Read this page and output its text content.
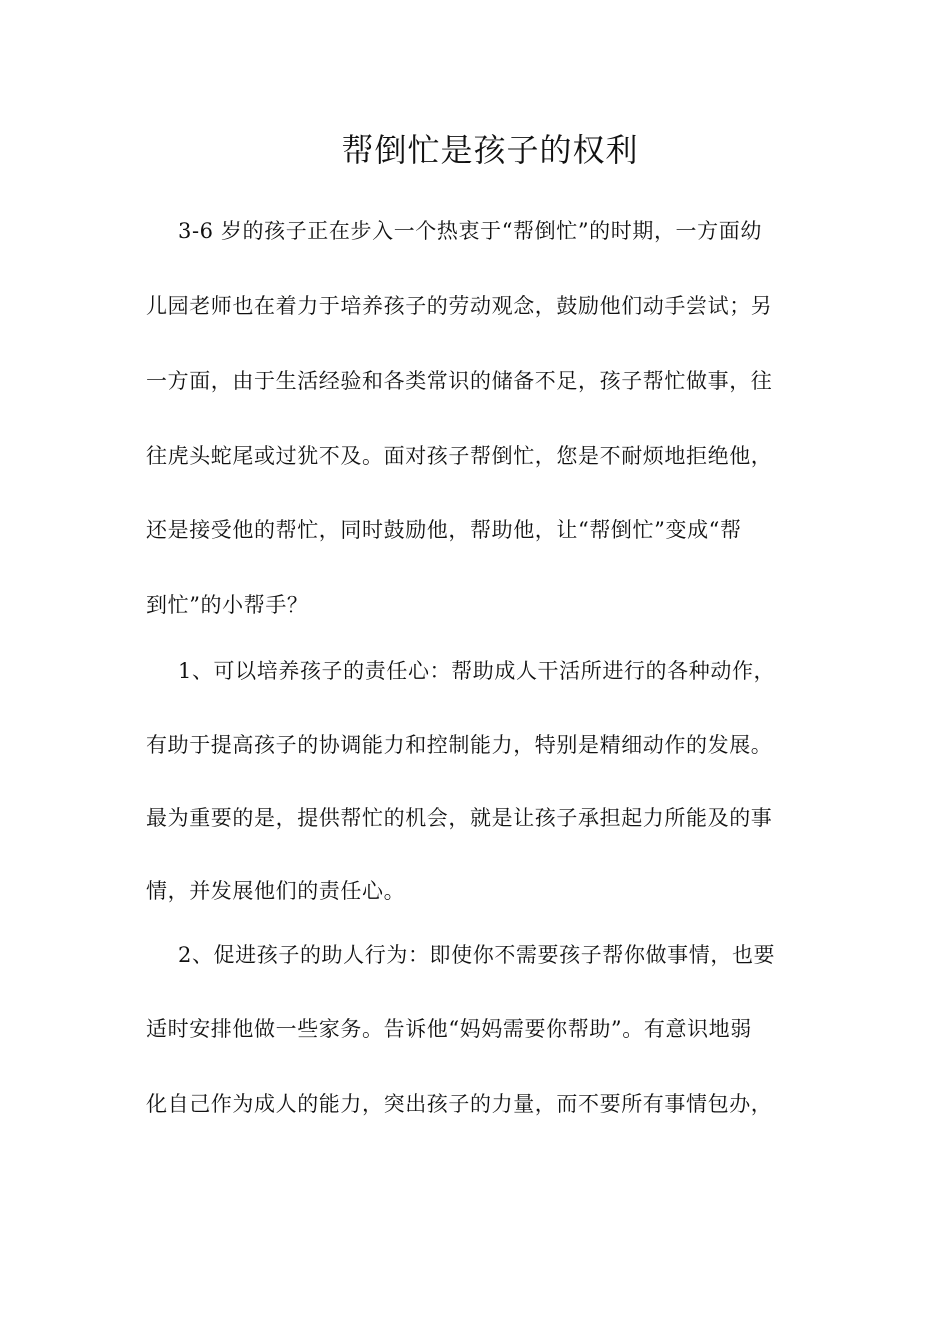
帮倒忙是孩子的权利
3-6 岁的孩子正在步入一个热衷于“帮倒忙”的时期，一方面幼
儿园老师也在着力于培养孩子的劳动观念，鼓励他们动手尝试；另
一方面，由于生活经验和各类常识的储备不足，孩子帮忙做事，往
往虎头蛇尾或过犹不及。面对孩子帮倒忙，您是不耐烦地拒绝他，
还是接受他的帮忙，同时鼓励他，帮助他，让“帮倒忙”变成“帮
到忙”的小帮手？
1、可以培养孩子的责任心：帮助成人干活所进行的各种动作，
有助于提高孩子的协调能力和控制能力，特别是精细动作的发展。
最为重要的是，提供帮忙的机会，就是让孩子承担起力所能及的事
情，并发展他们的责任心。
2、促进孩子的助人行为：即使你不需要孩子帮你做事情，也要
适时安排他做一些家务。告诉他“妈妈需要你帮助”。有意识地弱
化自己作为成人的能力，突出孩子的力量，而不要所有事情包办，
